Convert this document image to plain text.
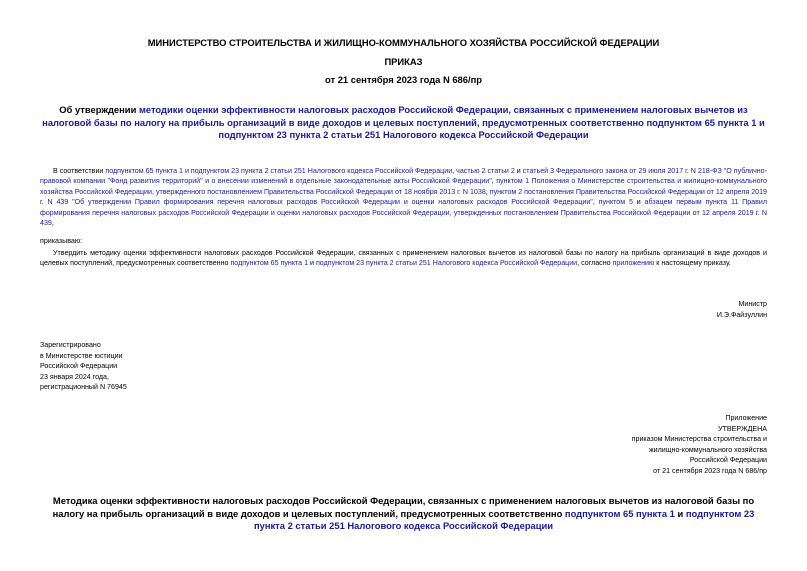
МИНИСТЕРСТВО СТРОИТЕЛЬСТВА И ЖИЛИЩНО-КОММУНАЛЬНОГО ХОЗЯЙСТВА РОССИЙСКОЙ ФЕДЕРАЦИИ
ПРИКАЗ
от 21 сентября 2023 года N 686/пр
Об утверждении методики оценки эффективности налоговых расходов Российской Федерации, связанных с применением налоговых вычетов из налоговой базы по налогу на прибыль организаций в виде доходов и целевых поступлений, предусмотренных соответственно подпунктом 65 пункта 1 и подпунктом 23 пункта 2 статьи 251 Налогового кодекса Российской Федерации
В соответствии подпунктом 65 пункта 1 и подпунктом 23 пункта 2 статьи 251 Налогового кодекса Российской Федерации, частью 2 статьи 2 и статьей 3 Федерального закона от 29 июля 2017 г. N 218-ФЗ "О публично-правовой компании "Фонд развития территорий" и о внесении изменений в отдельные законодательные акты Российской Федерации", пунктом 1 Положения о Министерстве строительства и жилищно-коммунального хозяйства Российской Федерации, утвержденного постановлением Правительства Российской Федерации от 18 ноября 2013 г. N 1038, пунктом 2 постановления Правительства Российской Федерации от 12 апреля 2019 г. N 439 "Об утверждении Правил формирования перечня налоговых расходов Российской Федерации и оценки налоговых расходов Российской Федерации", пунктом 5 и абзацем первым пункта 11 Правил формирования перечня налоговых расходов Российской Федерации и оценки налоговых расходов Российской Федерации, утвержденных постановлением Правительства Российской Федерации от 12 апреля 2019 г. N 439,
приказываю:
Утвердить методику оценки эффективности налоговых расходов Российской Федерации, связанных с применением налоговых вычетов из налоговой базы по налогу на прибыль организаций в виде доходов и целевых поступлений, предусмотренных соответственно подпунктом 65 пункта 1 и подпунктом 23 пункта 2 статьи 251 Налогового кодекса Российской Федерации, согласно приложению к настоящему приказу.
Министр
И.Э.Файзуллин
Зарегистрировано
в Министерстве юстиции
Российской Федерации
23 января 2024 года,
регистрационный N 76945
Приложение
УТВЕРЖДЕНА
приказом Министерства строительства и
жилищно-коммунального хозяйства
Российской Федерации
от 21 сентября 2023 года N 686/пр
Методика оценки эффективности налоговых расходов Российской Федерации, связанных с применением налоговых вычетов из налоговой базы по налогу на прибыль организаций в виде доходов и целевых поступлений, предусмотренных соответственно подпунктом 65 пункта 1 и подпунктом 23 пункта 2 статьи 251 Налогового кодекса Российской Федерации
